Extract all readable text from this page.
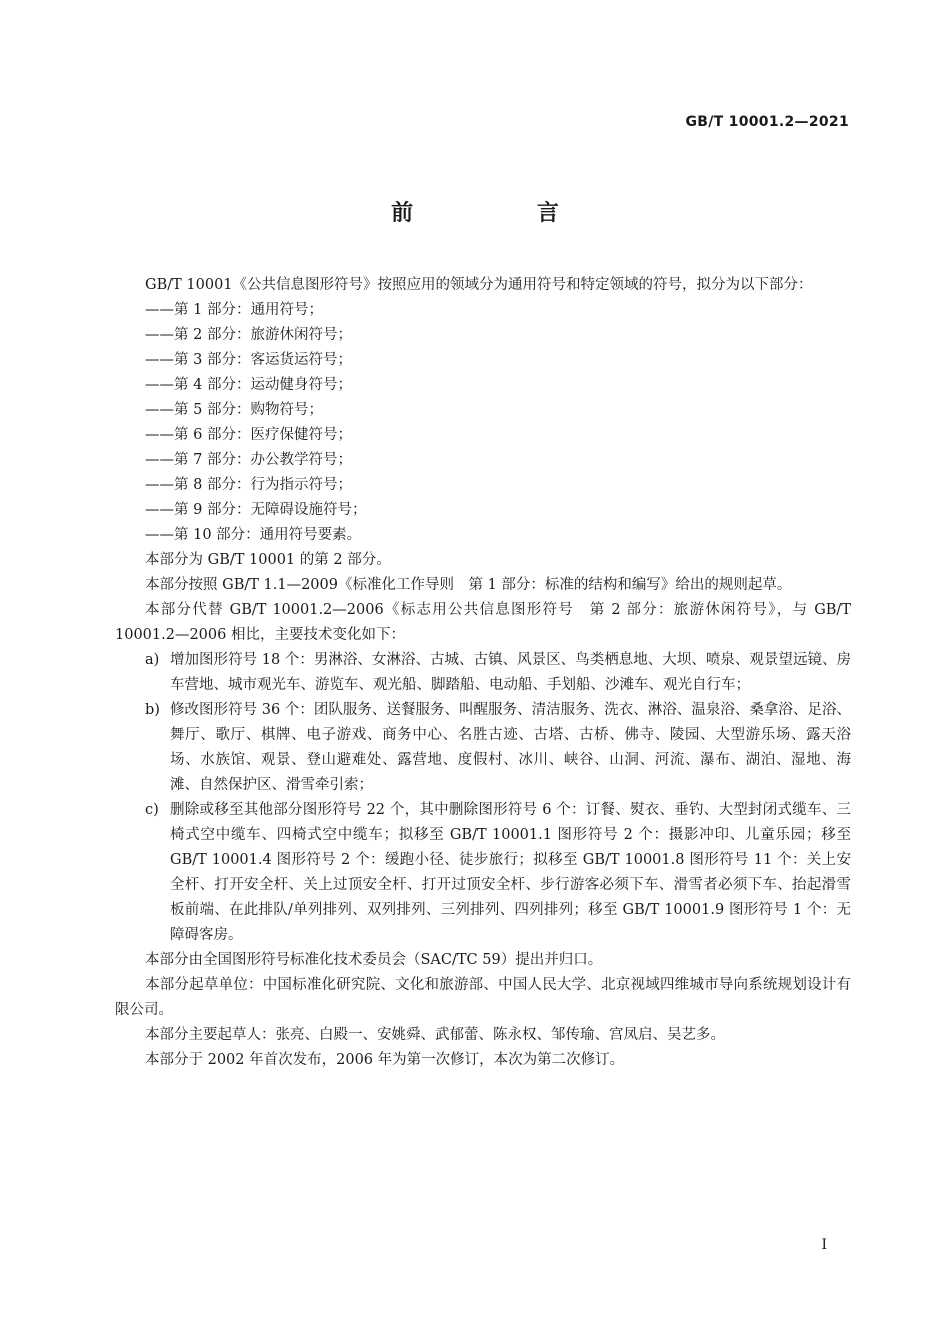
GB/T 10001.2—2021
前 言

GB/T 10001《公共信息图形符号》按照应用的领域分为通用符号和特定领域的符号，拟分为以下部分：

——第 1 部分：通用符号；

——第 2 部分：旅游休闲符号；

——第 3 部分：客运货运符号；

——第 4 部分：运动健身符号；

——第 5 部分：购物符号；

——第 6 部分：医疗保健符号；

——第 7 部分：办公教学符号；

——第 8 部分：行为指示符号；

——第 9 部分：无障碍设施符号；

——第 10 部分：通用符号要素。

本部分为 GB/T 10001 的第 2 部分。

本部分按照 GB/T 1.1—2009《标准化工作导则　第 1 部分：标准的结构和编写》给出的规则起草。

本部分代替 GB/T 10001.2—2006《标志用公共信息图形符号　第 2 部分：旅游休闲符号》，与 GB/T 10001.2—2006 相比，主要技术变化如下：

a) 增加图形符号 18 个：男淋浴、女淋浴、古城、古镇、风景区、鸟类栖息地、大坝、喷泉、观景望远镜、房车营地、城市观光车、游览车、观光船、脚踏船、电动船、手划船、沙滩车、观光自行车；

b) 修改图形符号 36 个：团队服务、送餐服务、叫醒服务、清洁服务、洗衣、淋浴、温泉浴、桑拿浴、足浴、舞厅、歌厅、棋牌、电子游戏、商务中心、名胜古迹、古塔、古桥、佛寺、陵园、大型游乐场、露天浴场、水族馆、观景、登山避难处、露营地、度假村、冰川、峡谷、山洞、河流、瀑布、湖泊、湿地、海滩、自然保护区、滑雪牵引索；

c) 删除或移至其他部分图形符号 22 个，其中删除图形符号 6 个：订餐、熨衣、垂钓、大型封闭式缆车、三椅式空中缆车、四椅式空中缆车；拟移至 GB/T 10001.1 图形符号 2 个：摄影冲印、儿童乐园；移至 GB/T 10001.4 图形符号 2 个：缓跑小径、徒步旅行；拟移至 GB/T 10001.8 图形符号 11 个：关上安全杆、打开安全杆、关上过顶安全杆、打开过顶安全杆、步行游客必须下车、滑雪者必须下车、抬起滑雪板前端、在此排队/单列排列、双列排列、三列排列、四列排列；移至 GB/T 10001.9 图形符号 1 个：无障碍客房。

本部分由全国图形符号标准化技术委员会（SAC/TC 59）提出并归口。

本部分起草单位：中国标准化研究院、文化和旅游部、中国人民大学、北京视域四维城市导向系统规划设计有限公司。

本部分主要起草人：张亮、白殿一、安姚舜、武郁蕾、陈永权、邹传瑜、宫凤启、吴艺多。

本部分于 2002 年首次发布，2006 年为第一次修订，本次为第二次修订。

I
